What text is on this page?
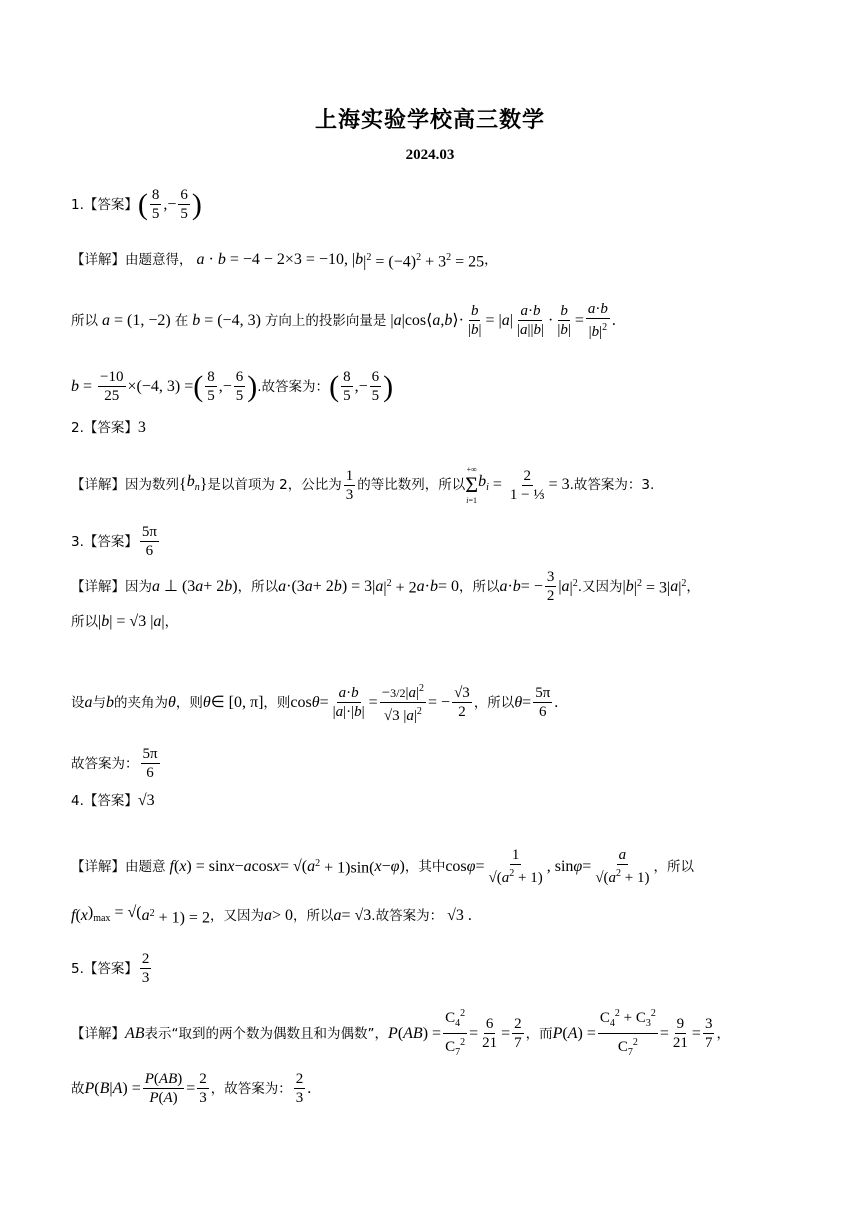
上海实验学校高三数学
2024.03
1.【答案】 ( $\frac{8}{5}$ ,− $\frac{6}{5}$ )
【详解】 由题意得， a · b = −4 − 2×3 = −10, | b $|^2 = (-4)^2 + 3^2 = 25$ ，
所以 a = (1, −2) 在 b = (−4, 3) 方向上的投影向量是 | a |cos⟨ a , b ⟩· $\frac{b}{|b|}$ = | a | $\frac{a\cdot b}{|a||b|} \cdot \frac{b}{|b|} = \frac{a\cdot b}{|b|^2}$ .
$b = \frac{-10}{25} \times(-4$, 3) = ( $\frac{8}{5}$ ,− $\frac{6}{5}$ ) .故答案为： ( $\frac{8}{5}$ ,− $\frac{6}{5}$ )
2.【答案】 3
【详解】 因为数列 { $b_n$ } 是以首项为 2，公比为 $\frac{1}{3}$ 的等比数列，所以
+∞
Σ
i=1
$b_i = \frac{2}{\text{1 − ⅓}} = 3$ .故答案为：3.
3.【答案】 $\frac{5\pi}{6}$
【详解】 因为 a ⊥ (3 a + 2 b ) ，所以 a ·(3 a + 2 b ) = 3| a $|^2 + 2$ a · b = 0 ，所以 a · b = − $\frac{3}{2}$ | a $|^2$ .又因为 | b $|^2 = 3|$ a $|^2$ ，
所以 | b | = √3 | a | ，
设 a 与 b 的夹角为 θ ，则 θ ∈ [0, π] ，则 $\cos \theta = \frac{a\cdot b}{|a|\cdot|b|} = \frac{-3/2|a|^2}{√3 |a|^2}$ = − $\frac{√3}{2}$ ，所以 $\theta = \frac{5\pi}{6}$ .
故答案为： $\frac{5\pi}{6}$
4.【答案】 √3
【详解】 由题意 f ( x ) = sin x − a cos x = √( a $^2$ + 1)sin( x − φ ) ，其中 $\cos \varphi = \frac{1}{√(a^2 + 1)}$ , $\sin \varphi = \frac{a}{√(a^2 + 1)}$ ，所以
f ( x )$_{max}$ = √( a $^2$ + 1) = 2 ，又因为 a > 0 ，所以 a = √3 .故答案为： √3 .
5.【答案】 $\frac{2}{3}$
【详解】 AB 表示“取到的两个数为偶数且和为偶数”， P ( AB ) = $\frac{C_4^2}{C_7^2} = \frac{6}{21} = \frac{2}{7}$ ，而 P ( A ) = $\frac{C_4^2 + C_3^2}{C_7^2} = \frac{9}{21} = \frac{3}{7}$ ，
故 P ( B | A ) = $\frac{P(AB)}{P(A)} = \frac{2}{3}$ ，故答案为： $\frac{2}{3}$ .
